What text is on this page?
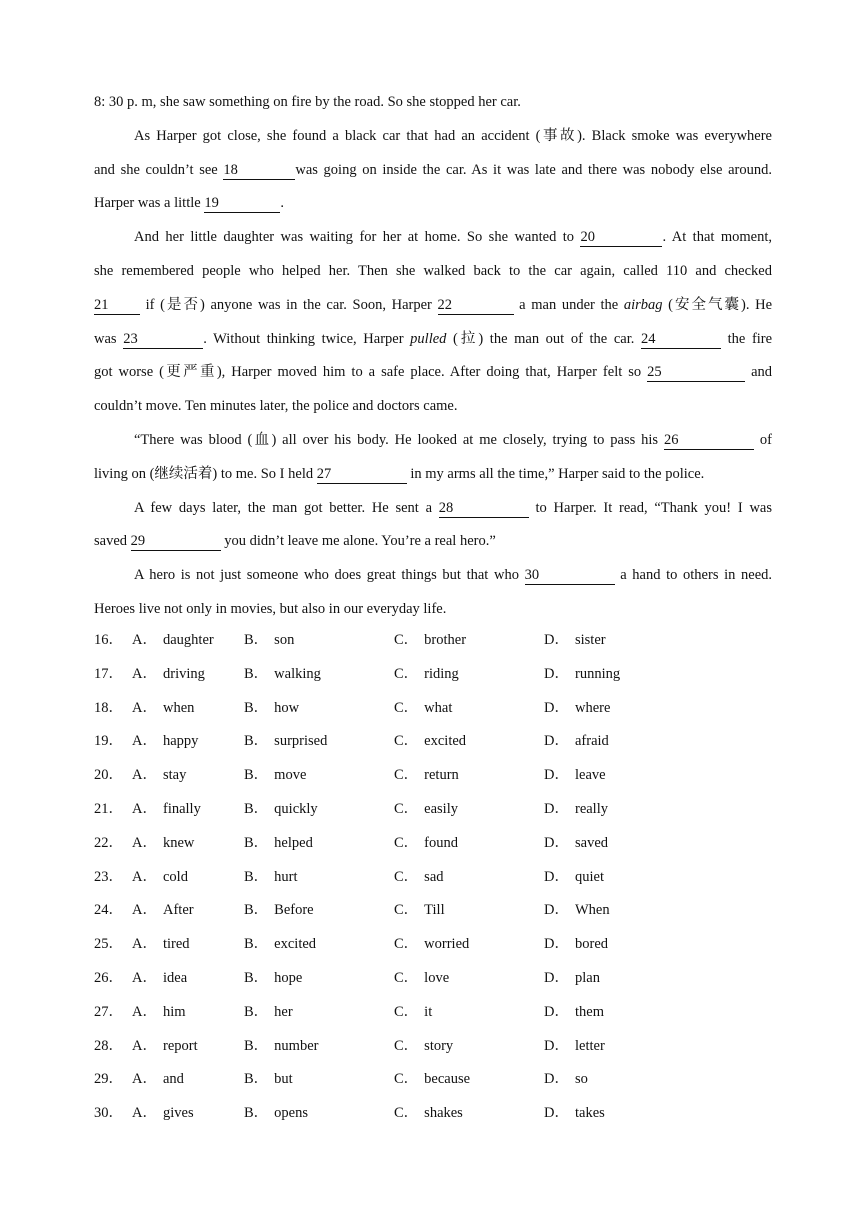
8: 30 p. m, she saw something on fire by the road. So she stopped her car.
As Harper got close, she found a black car that had an accident (事故). Black smoke was everywhere
and she couldn’t see 18	was going on inside the car. As it was late and there was nobody else around.
Harper was a little 19	.
And her little daughter was waiting for her at home. So she wanted to 20	. At that moment,
she remembered people who helped her. Then she walked back to the car again, called 110 and checked
21	if (是否) anyone was in the car. Soon, Harper 22	a man under the airbag (安全气囊). He
was 23	. Without thinking twice, Harper pulled (拉) the man out of the car. 24	the fire
got worse (更严重), Harper moved him to a safe place. After doing that, Harper felt so 25	and
couldn’t move. Ten minutes later, the police and doctors came.
“There was blood (血) all over his body. He looked at me closely, trying to pass his 26	of
living on (继续活着) to me. So I held 27	in my arms all the time,” Harper said to the police.
A few days later, the man got better. He sent a 28	to Harper. It read, “Thank you! I was
saved 29	you didn’t leave me alone. You’re a real hero.”
A hero is not just someone who does great things but that who 30	a hand to others in need.
Heroes live not only in movies, but also in our everyday life.
16． A． daughter B． son	C． brother	D． sister
17． A． driving	B． walking	C． riding	D． running
18． A． when	B． how	C． what	D． where
19． A． happy	B． surprised	C． excited	D． afraid
20． A． stay	B． move	C． return	D． leave
21． A． finally	B． quickly	C． easily	D． really
22． A． knew	B． helped	C． found	D． saved
23． A． cold	B． hurt	C． sad	D． quiet
24． A． After	B． Before	C． Till	D． When
25． A． tired	B． excited	C． worried	D． bored
26． A． idea	B． hope	C． love	D． plan
27． A． him	B． her	C． it	D． them
28． A． report	B． number	C． story	D． letter
29． A． and	B． but	C． because	D． so
30． A． gives	B． opens	C． shakes	D． takes
